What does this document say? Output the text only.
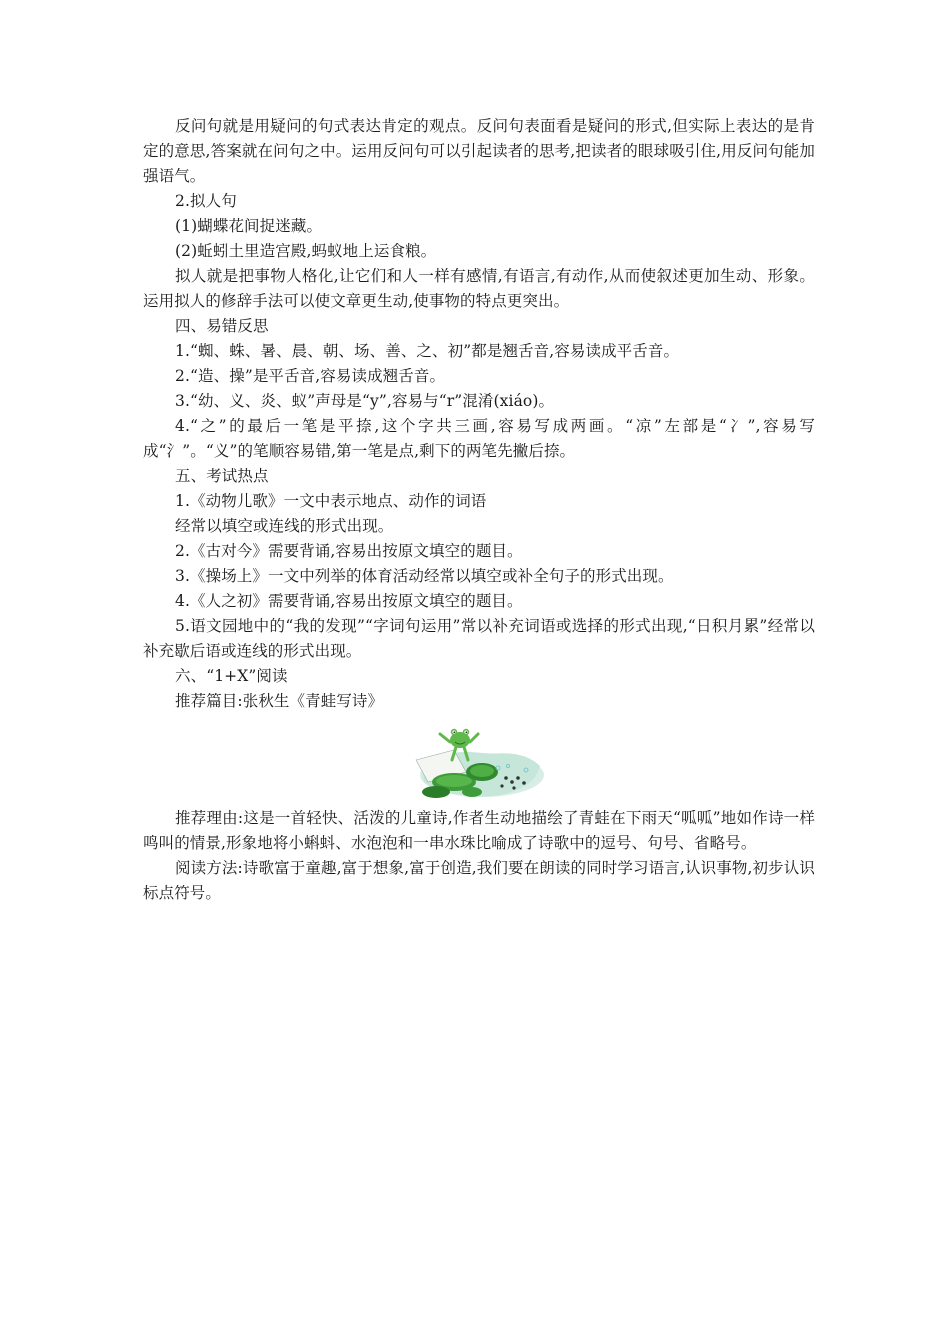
反问句就是用疑问的句式表达肯定的观点。反问句表面看是疑问的形式,但实际上表达的是肯定的意思,答案就在问句之中。运用反问句可以引起读者的思考,把读者的眼球吸引住,用反问句能加强语气。

2.拟人句

(1)蝴蝶花间捉迷藏。

(2)蚯蚓土里造宫殿,蚂蚁地上运食粮。

拟人就是把事物人格化,让它们和人一样有感情,有语言,有动作,从而使叙述更加生动、形象。运用拟人的修辞手法可以使文章更生动,使事物的特点更突出。

四、易错反思

1.“蜘、蛛、暑、晨、朝、场、善、之、初”都是翘舌音,容易读成平舌音。

2.“造、操”是平舌音,容易读成翘舌音。

3.“幼、义、炎、蚁”声母是“y”,容易与“r”混淆(xiáo)。

4.“之”的最后一笔是平捺,这个字共三画,容易写成两画。“凉”左部是“冫”,容易写成“氵”。“义”的笔顺容易错,第一笔是点,剩下的两笔先撇后捺。

五、考试热点

1.《动物儿歌》一文中表示地点、动作的词语

经常以填空或连线的形式出现。

2.《古对今》需要背诵,容易出按原文填空的题目。

3.《操场上》一文中列举的体育活动经常以填空或补全句子的形式出现。

4.《人之初》需要背诵,容易出按原文填空的题目。

5.语文园地中的“我的发现”“字词句运用”常以补充词语或选择的形式出现,“日积月累”经常以补充歇后语或连线的形式出现。

六、“1+X”阅读

推荐篇目:张秋生《青蛙写诗》

推荐理由:这是一首轻快、活泼的儿童诗,作者生动地描绘了青蛙在下雨天“呱呱”地如作诗一样鸣叫的情景,形象地将小蝌蚪、水泡泡和一串水珠比喻成了诗歌中的逗号、句号、省略号。

阅读方法:诗歌富于童趣,富于想象,富于创造,我们要在朗读的同时学习语言,认识事物,初步认识标点符号。
